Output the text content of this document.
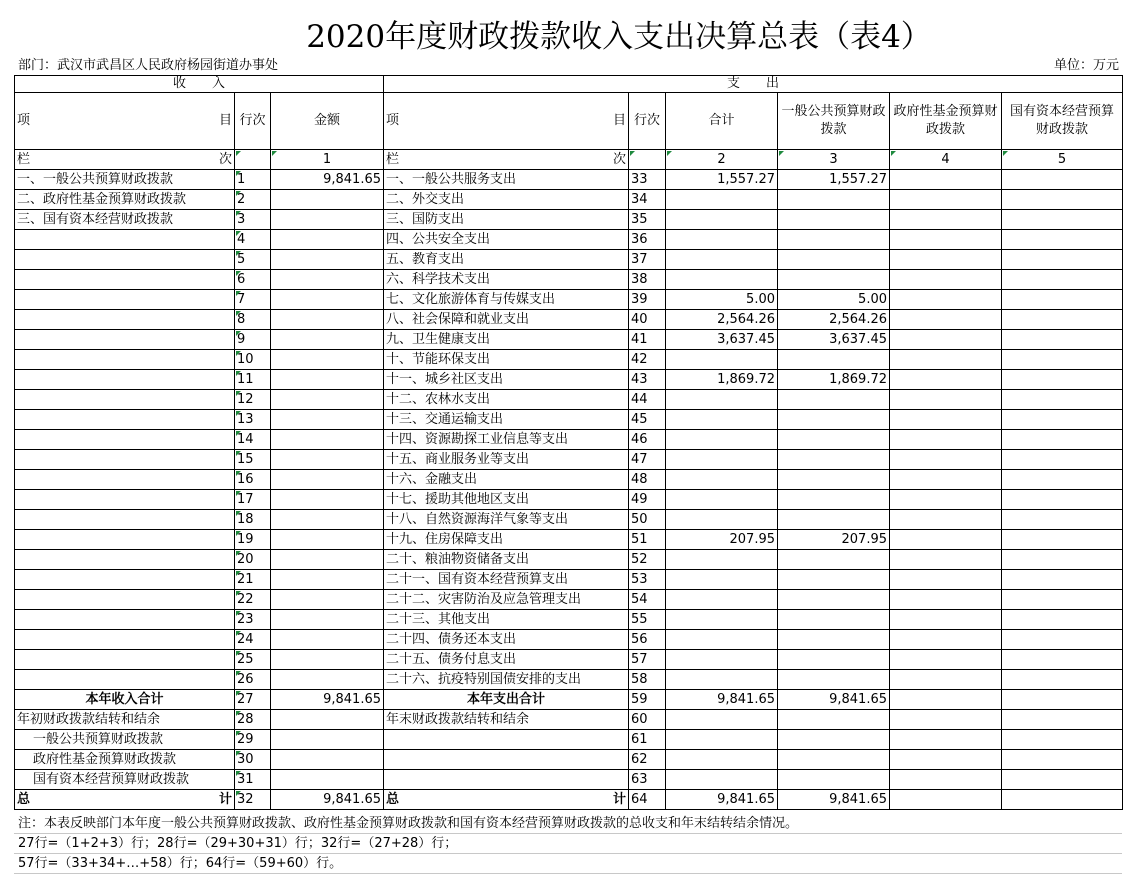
2020年度财政拨款收入支出决算总表（表4）
部门：武汉市武昌区人民政府杨园街道办事处	单位：万元
收　　入			支　　出					

项 目	行次	金额	项 目	行次	合计	一般公共预算财政拨款	政府性基金预算财政拨款	国有资本经营预算财政拨款

栏 次		1	栏 次		2	3	4	5
一、一般公共预算财政拨款	1	9,841.65	一、一般公共服务支出	33	1,557.27	1,557.27		
二、政府性基金预算财政拨款	2		二、外交支出	34				
三、国有资本经营财政拨款	3		三、国防支出	35				
	4		四、公共安全支出	36				
	5		五、教育支出	37				
	6		六、科学技术支出	38				
	7		七、文化旅游体育与传媒支出	39	5.00	5.00		
	8		八、社会保障和就业支出	40	2,564.26	2,564.26		
	9		九、卫生健康支出	41	3,637.45	3,637.45		
	10		十、节能环保支出	42				
	11		十一、城乡社区支出	43	1,869.72	1,869.72		
	12		十二、农林水支出	44				
	13		十三、交通运输支出	45				
	14		十四、资源勘探工业信息等支出	46				
	15		十五、商业服务业等支出	47				
	16		十六、金融支出	48				
	17		十七、援助其他地区支出	49				
	18		十八、自然资源海洋气象等支出	50				
	19		十九、住房保障支出	51	207.95	207.95		
	20		二十、粮油物资储备支出	52				
	21		二十一、国有资本经营预算支出	53				
	22		二十二、灾害防治及应急管理支出	54				
	23		二十三、其他支出	55				
	24		二十四、债务还本支出	56				
	25		二十五、债务付息支出	57				
	26		二十六、抗疫特别国债安排的支出	58				
本年收入合计	27	9,841.65	本年支出合计	59	9,841.65	9,841.65		
年初财政拨款结转和结余	28		年末财政拨款结转和结余	60				
一般公共预算财政拨款	29			61				
政府性基金预算财政拨款	30			62				
国有资本经营预算财政拨款	31			63				

总 计	32	9,841.65	总 计	64	9,841.65	9,841.65		
注：本表反映部门本年度一般公共预算财政拨款、政府性基金预算财政拨款和国有资本经营预算财政拨款的总收支和年末结转结余情况。
27行=（1+2+3）行；28行=（29+30+31）行；32行=（27+28）行；
57行=（33+34+…+58）行；64行=（59+60）行。
